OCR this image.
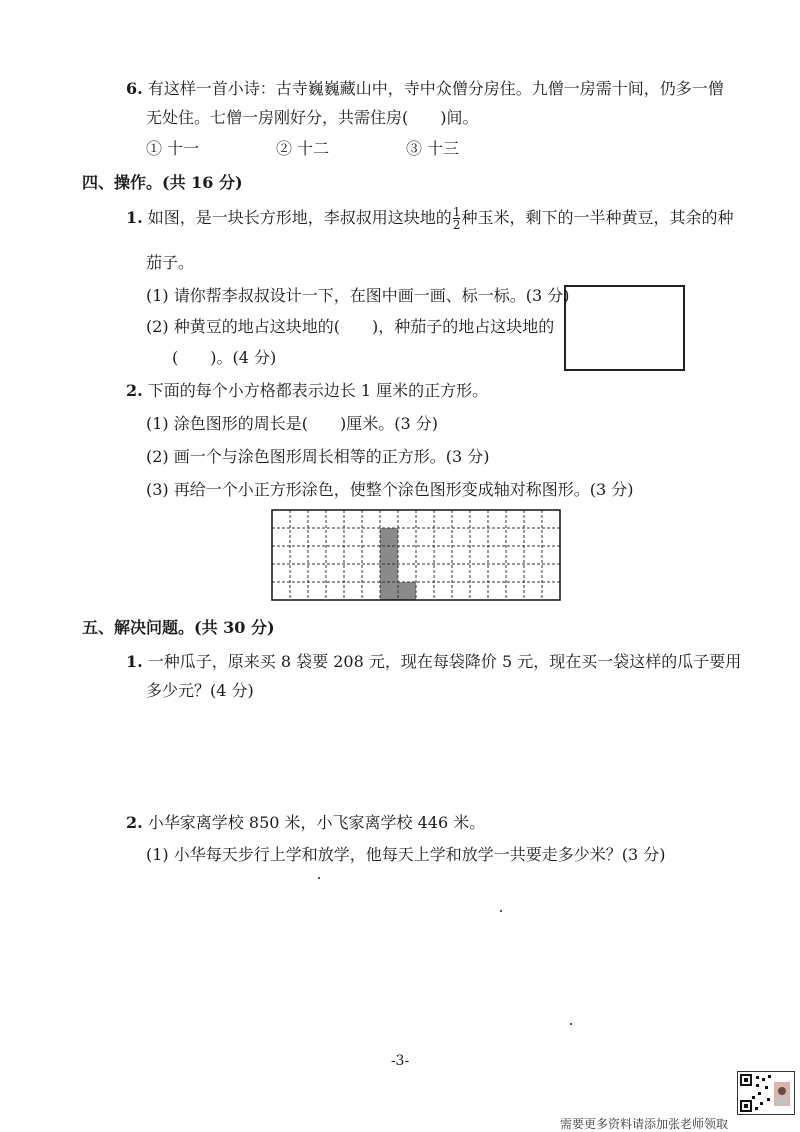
6. 有这样一首小诗：古寺巍巍藏山中，寺中众僧分房住。九僧一房需十间，仍多一僧
无处住。七僧一房刚好分，共需住房(　　)间。
① 十一	② 十二	③ 十三
四、操作。(共 16 分)
1. 如图，是一块长方形地，李叔叔用这块地的 $\frac{1}{2}$ 种玉米，剩下的一半种黄豆，其余的种
茄子。
(1) 请你帮李叔叔设计一下，在图中画一画、标一标。(3 分)
(2) 种黄豆的地占这块地的(　　)，种茄子的地占这块地的
(　　)。(4 分)
2. 下面的每个小方格都表示边长 1 厘米的正方形。
(1) 涂色图形的周长是(　　)厘米。(3 分)
(2) 画一个与涂色图形周长相等的正方形。(3 分)
(3) 再给一个小正方形涂色，使整个涂色图形变成轴对称图形。(3 分)
五、解决问题。(共 30 分)
1. 一种瓜子，原来买 8 袋要 208 元，现在每袋降价 5 元，现在买一袋这样的瓜子要用
多少元？(4 分)
2. 小华家离学校 850 米，小飞家离学校 446 米。
(1) 小华每天步行上学和放学，他每天上学和放学一共要走多少米？(3 分)
-3-
需要更多资料请添加张老师领取
